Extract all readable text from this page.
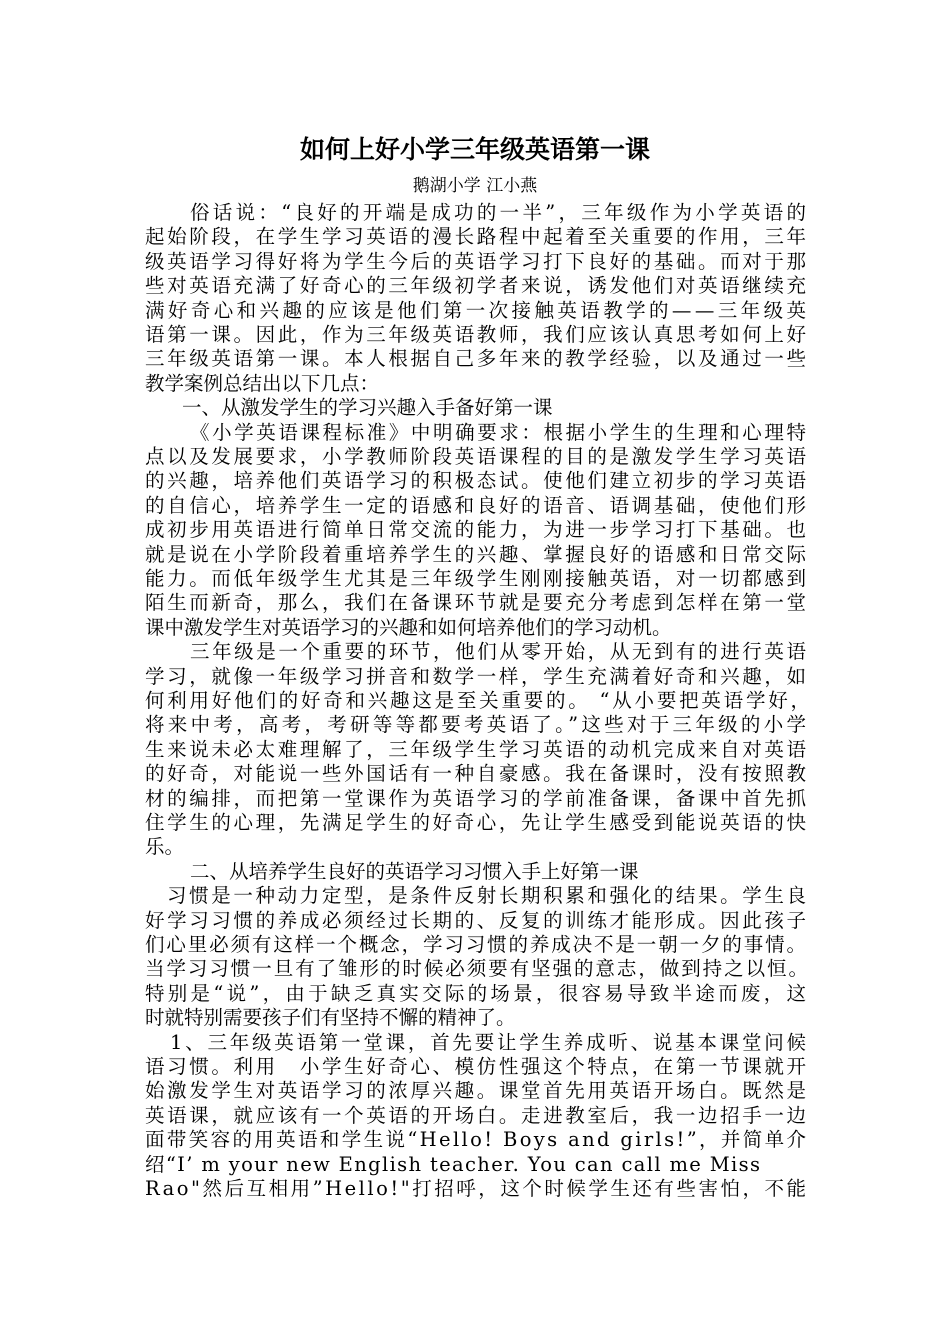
如何上好小学三年级英语第一课
鹅湖小学 江小燕
俗话说：“良好的开端是成功的一半”，三年级作为小学英语的
起始阶段，在学生学习英语的漫长路程中起着至关重要的作用，三年
级英语学习得好将为学生今后的英语学习打下良好的基础。而对于那
些对英语充满了好奇心的三年级初学者来说，诱发他们对英语继续充
满好奇心和兴趣的应该是他们第一次接触英语教学的——三年级英
语第一课。因此，作为三年级英语教师，我们应该认真思考如何上好
三年级英语第一课。本人根据自己多年来的教学经验，以及通过一些
教学案例总结出以下几点：
一、从激发学生的学习兴趣入手备好第一课
《小学英语课程标准》中明确要求：根据小学生的生理和心理特
点以及发展要求，小学教师阶段英语课程的目的是激发学生学习英语
的兴趣，培养他们英语学习的积极态试。使他们建立初步的学习英语
的自信心，培养学生一定的语感和良好的语音、语调基础，使他们形
成初步用英语进行简单日常交流的能力，为进一步学习打下基础。也
就是说在小学阶段着重培养学生的兴趣、掌握良好的语感和日常交际
能力。而低年级学生尤其是三年级学生刚刚接触英语，对一切都感到
陌生而新奇，那么，我们在备课环节就是要充分考虑到怎样在第一堂
课中激发学生对英语学习的兴趣和如何培养他们的学习动机。
三年级是一个重要的环节，他们从零开始，从无到有的进行英语
学习，就像一年级学习拼音和数学一样，学生充满着好奇和兴趣，如
何利用好他们的好奇和兴趣这是至关重要的。 “从小要把英语学好，
将来中考，高考，考研等等都要考英语了。”这些对于三年级的小学
生来说未必太难理解了，三年级学生学习英语的动机完成来自对英语
的好奇，对能说一些外国话有一种自豪感。我在备课时，没有按照教
材的编排，而把第一堂课作为英语学习的学前准备课，备课中首先抓
住学生的心理，先满足学生的好奇心，先让学生感受到能说英语的快
乐。
二、从培养学生良好的英语学习习惯入手上好第一课
习惯是一种动力定型，是条件反射长期积累和强化的结果。学生良
好学习习惯的养成必须经过长期的、反复的训练才能形成。因此孩子
们心里必须有这样一个概念，学习习惯的养成决不是一朝一夕的事情。
当学习习惯一旦有了雏形的时候必须要有坚强的意志，做到持之以恒。
特别是“说”，由于缺乏真实交际的场景，很容易导致半途而废，这
时就特别需要孩子们有坚持不懈的精神了。
1、三年级英语第一堂课，首先要让学生养成听、说基本课堂问候
语习惯。利用　小学生好奇心、模仿性强这个特点，在第一节课就开
始激发学生对英语学习的浓厚兴趣。课堂首先用英语开场白。既然是
英语课，就应该有一个英语的开场白。走进教室后，我一边招手一边
面带笑容的用英语和学生说“Hello! Boys and girls!”，并简单介
绍“I’ m your new English teacher. You can call me Miss
Rao"然后互相用”Hello!"打招呼，这个时候学生还有些害怕，不能
